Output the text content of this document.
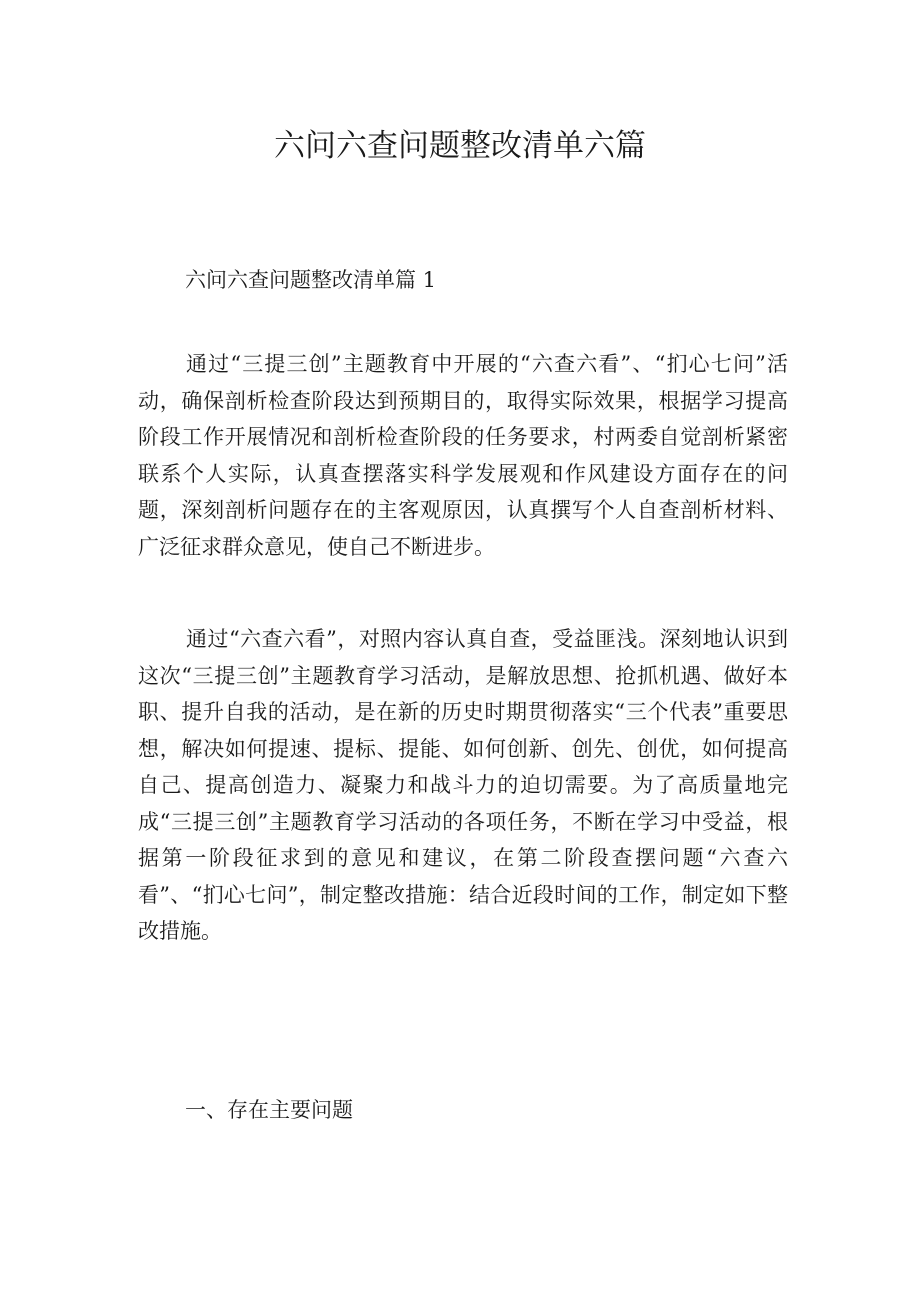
六问六查问题整改清单六篇
六问六查问题整改清单篇 1

通过“三提三创”主题教育中开展的“六查六看”、“扪心七问”活动，确保剖析检查阶段达到预期目的，取得实际效果，根据学习提高阶段工作开展情况和剖析检查阶段的任务要求，村两委自觉剖析紧密联系个人实际，认真查摆落实科学发展观和作风建设方面存在的问题，深刻剖析问题存在的主客观原因，认真撰写个人自查剖析材料、广泛征求群众意见，使自己不断进步。

通过“六查六看”，对照内容认真自查，受益匪浅。深刻地认识到这次“三提三创”主题教育学习活动，是解放思想、抢抓机遇、做好本职、提升自我的活动，是在新的历史时期贯彻落实“三个代表”重要思想，解决如何提速、提标、提能、如何创新、创先、创优，如何提高自己、提高创造力、凝聚力和战斗力的迫切需要。为了高质量地完成“三提三创”主题教育学习活动的各项任务，不断在学习中受益，根据第一阶段征求到的意见和建议，在第二阶段查摆问题“六查六看”、“扪心七问”，制定整改措施：结合近段时间的工作，制定如下整改措施。

一、存在主要问题
